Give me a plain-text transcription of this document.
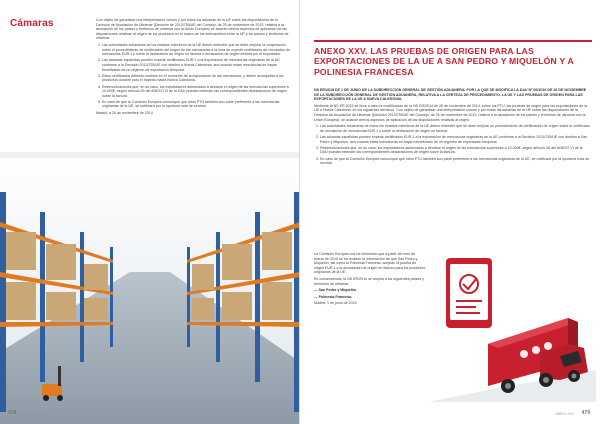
Cámaras	Con objeto de garantizar una interpretación común y por todos los aduanas de la UE sobre las disposiciones de la Decisión de Asociación de Ultramar (Decisión de 2013/755/UE del Consejo, de 25 de noviembre de 2013, relativa a la asociación de los países y territorios de ultramar con la Unión Europea) se aclaran ciertos aspectos de aplicación de las disposiciones relativas al origen de los productos en el marco de los intercambios entre la UE y los países y territorios de ultramar.

1. Las autoridades aduaneras de los estados miembros de la UE deben entender que se debe mejorar la cooperación sobre el procedimiento de certificación del origen de las mercancías a la hora de expedir certificados de circulación de mercancías EUR.1 y sobre la declaración de origen en factura o declaración de origen emitida por el exportador.
2. Las aduanas españolas pueden expedir certificados EUR.1 a la exportación de mercancías originarias de la UE conforme a la Decisión 2013/755/UE con destino a Nueva Caledonia, aun cuando estas mercancías se hayan beneficiado de un régimen de exportación temporal.
3. Estos certificados deberán emitirse en el momento de la exportación de las mercancías, y deben acompañar a los productos durante todo el trayecto hasta Nueva Caledonia.
4. Reinmunizaciones que, en su caso, los exportadores autorizados a declarar el origen de las mercancías superiores a 10.000€, según artículo 26 del ANEXO VI de la DAU puedan extender las correspondientes declaraciones de origen sobre la factura.
5. En caso de que la Comisión Europea comunique que otros PTU también son parte preferente a las mercancías originarias de la UE, se notificará por la oportuna nota de servicio.

Madrid, a 26 de noviembre de 2014

478 ANEXO 3.XXV
ANEXO XXV. LAS PRUEBAS DE ORIGEN PARA LAS EXPORTACIONES DE LA UE A SAN PEDRO Y MIQUELÓN Y A POLINESIA FRANCESA

NS ER/2015 DE 1 DE JUNIO DE LA SUBDIRECCIÓN GENERAL DE GESTIÓN ADUANERA, POR LA QUE SE MODIFICA LA DAU Nº 06/2016 DE 26 DE NOVIEMBRE DE LA SUBDIRECCIÓN GENERAL DE GESTIÓN ADUANERA, RELATIVA A LA CERTEZA DE PROCEDIMIENTO, LA UE Y LAS PRUEBAS DE ORIGEN PARA LAS EXPORTACIONES DE LA UE A NUEVA CALEDONIA.

Mediante la NS ER 2015 se lleva a cabo la modificación de la NS ER/2014 de 26 de noviembre de 2014, sobre los PTU, las pruebas de origen para las exportaciones de la UE a Nueva Caledonia, en los siguientes términos. Con objeto de garantizar una interpretación común y por todas las aduanas de la UE sobre las disposiciones de la Decisión de Asociación de Ultramar (Decisión 2013/755/UE del Consejo, de 25 de noviembre de 2013, relativa a la asociación de los países y territorios de ultramar con la Unión Europea), se aclaran ciertos aspectos de aplicación de las disposiciones relativas al origen.

1. Las autoridades aduaneras de todos los estados miembros de la UE deben entender que se debe mejorar su procedimiento de certificación de origen sobre el certificado de circulación de mercancías EUR.1 y sobre la declaración de origen en factura.
2. Las aduanas españolas pueden expedir certificados EUR.1 a la exportación de mercancías originarias de la UE conforme a la Decisión 2013/755/UE con destino a San Pedro y Miquelón, aun cuando estas mercancías se hayan beneficiado de un régimen de exportación temporal.
3. Reinmunizaciones que, en su caso, los exportadores autorizados a declarar el origen de las mercancías superiores a 10.000€, según artículo 26 del ANEXO VI de la DAU puedan extender las correspondientes declaraciones de origen sobre la factura.
4. En caso de que la Comisión Europea comunique que otros PTU también son parte preferente a las mercancías originarias de la UE, se notificará por la oportuna nota de servicio.

La Comisión Europea nos ha informado que a partir del mes de marzo de 2015 se ha recibido la información de que San Pedro y Miquelón, así como la Polinesia Francesa, aceptan la prueba de origen EUR.1 y la declaración de origen en factura para los productos originarios de la UE.

En consecuencia, la NS ER/2014 se amplía a los siguientes países y territorios de ultramar:

— San Pedro y Miquelón.

— Polinesia Francesa.

Madrid, 1 de junio de 2015

ANEXO XXV 479
